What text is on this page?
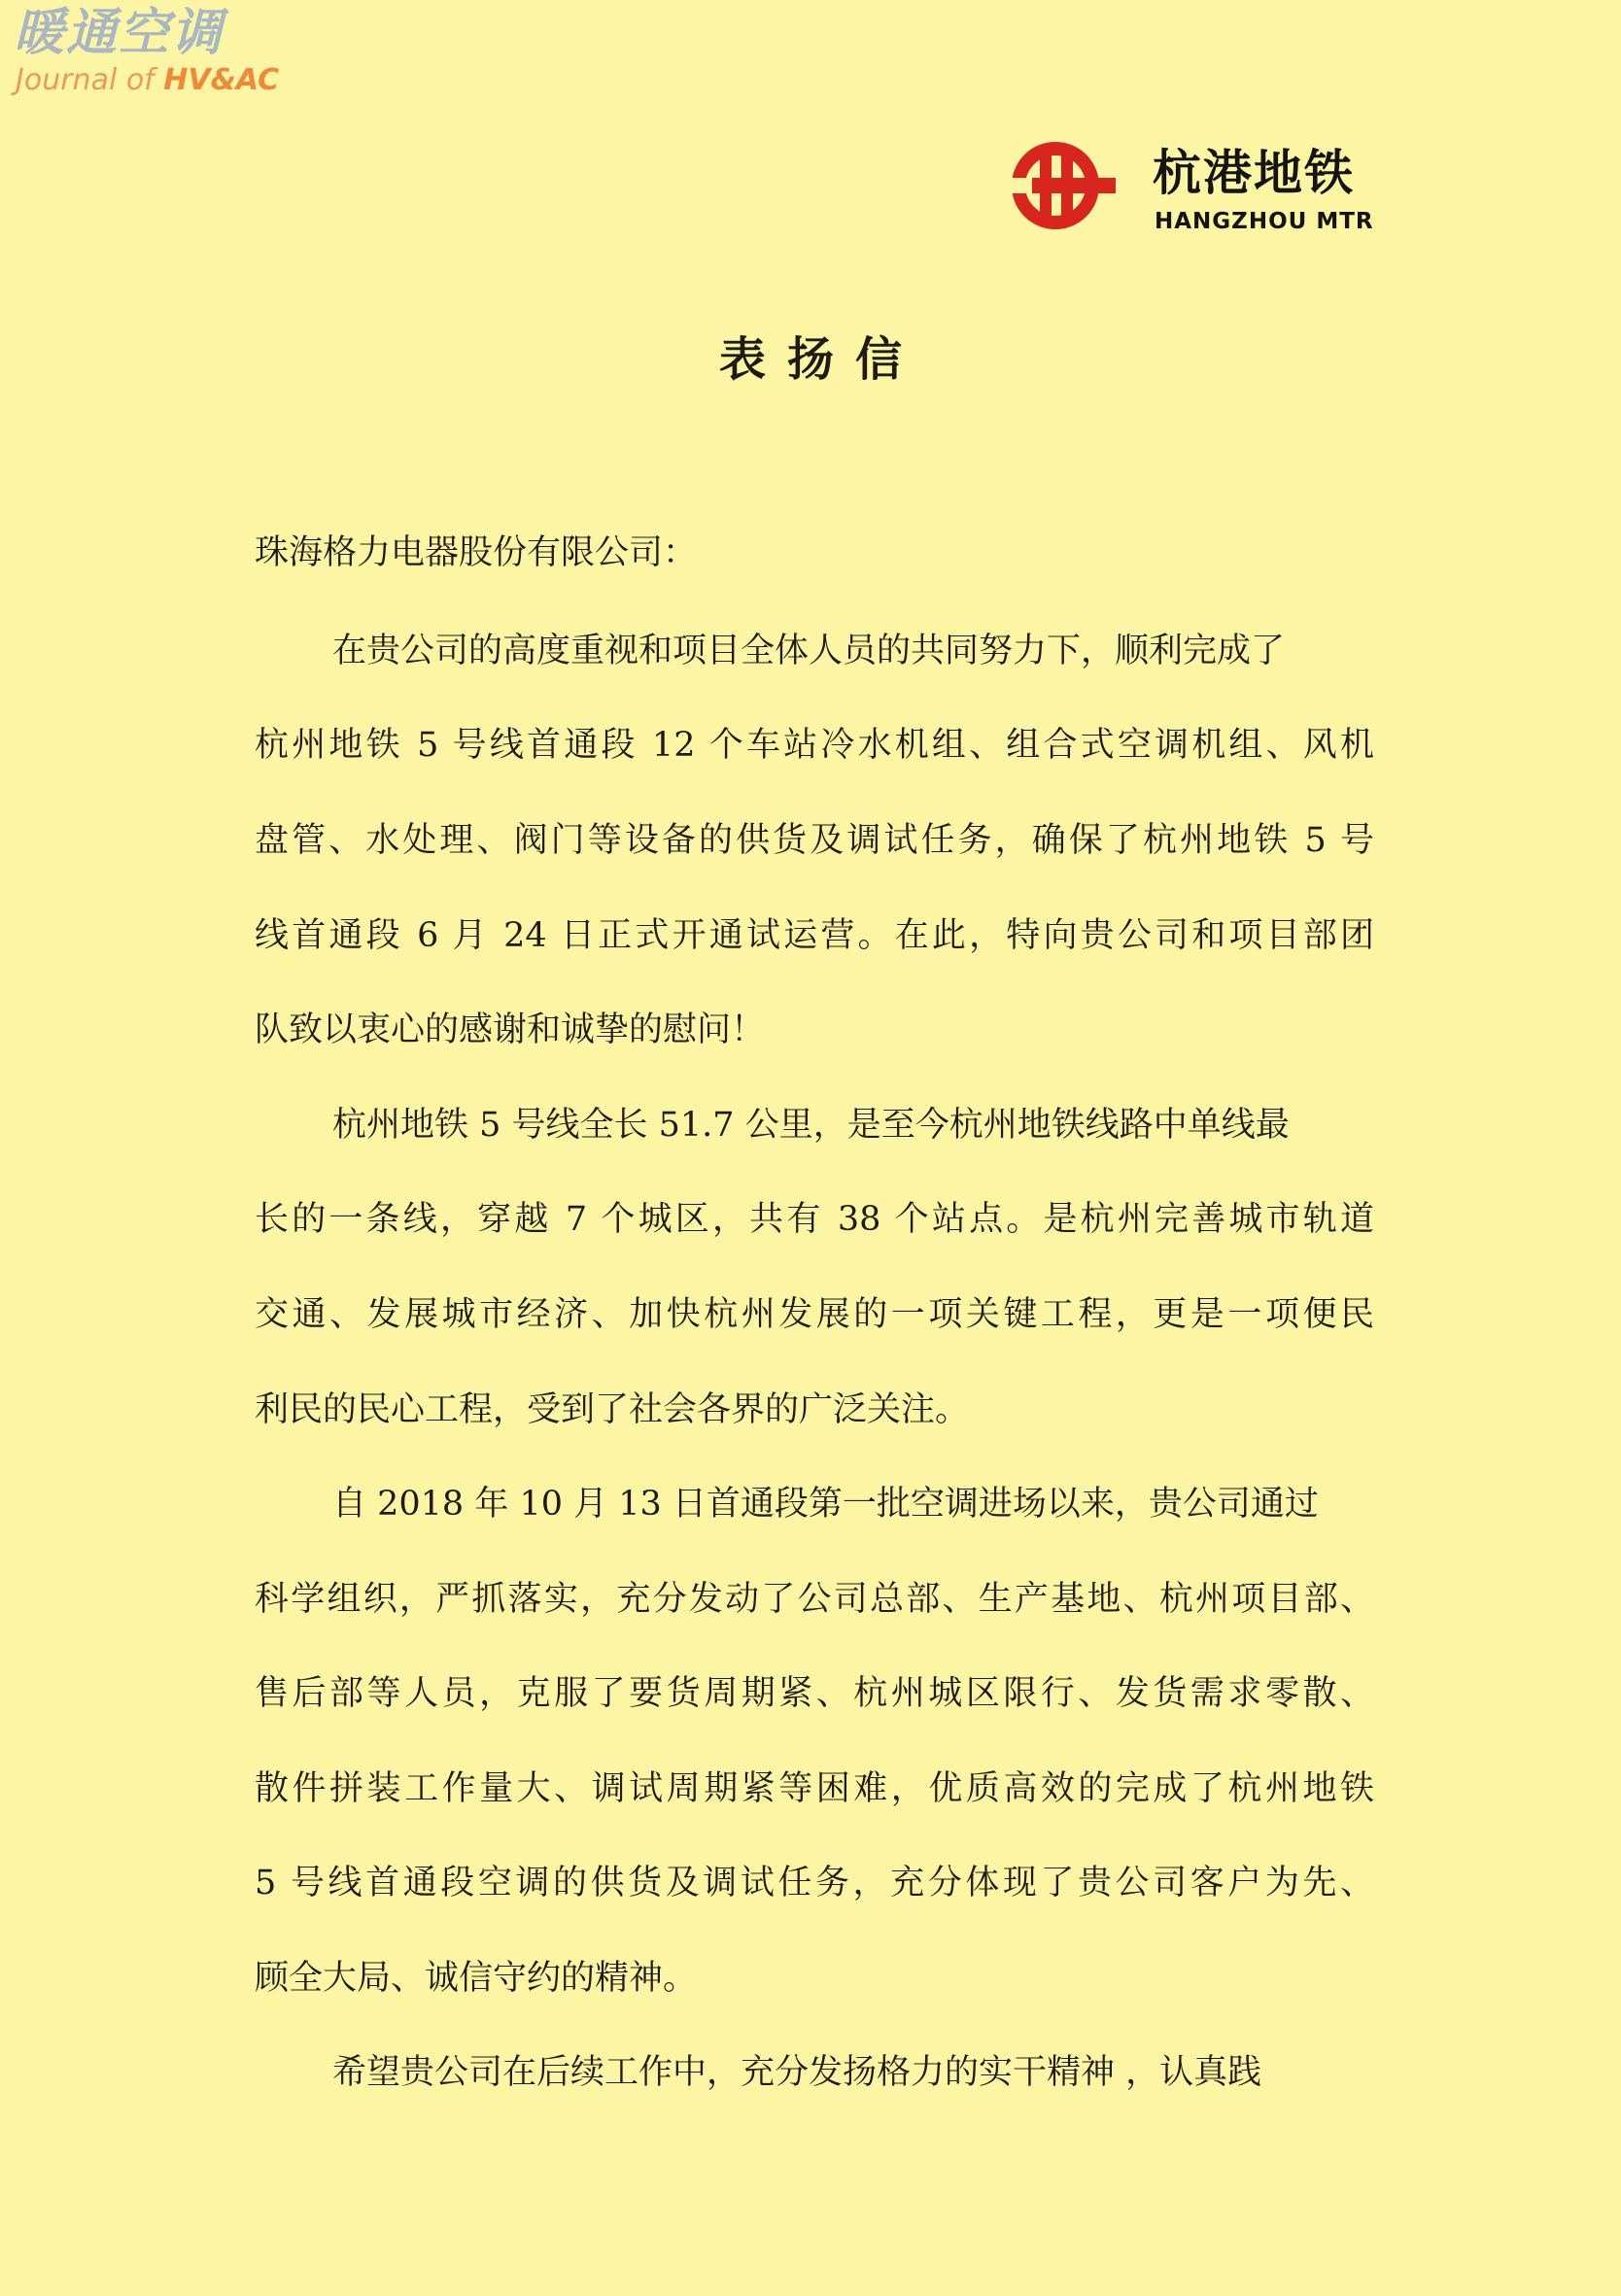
暖通空调
Journal of HV&AC
杭港地铁
HANGZHOU MTR
表扬信
珠海格力电器股份有限公司：
在贵公司的高度重视和项目全体人员的共同努力下，顺利完成了
杭州地铁 5 号线首通段 12 个车站冷水机组、组合式空调机组、风机
盘管、水处理、阀门等设备的供货及调试任务，确保了杭州地铁 5 号
线首通段 6 月 24 日正式开通试运营。在此，特向贵公司和项目部团
队致以衷心的感谢和诚挚的慰问！
杭州地铁 5 号线全长 51.7 公里，是至今杭州地铁线路中单线最
长的一条线，穿越 7 个城区，共有 38 个站点。是杭州完善城市轨道
交通、发展城市经济、加快杭州发展的一项关键工程，更是一项便民
利民的民心工程，受到了社会各界的广泛关注。
自 2018 年 10 月 13 日首通段第一批空调进场以来，贵公司通过
科学组织，严抓落实，充分发动了公司总部、生产基地、杭州项目部、
售后部等人员，克服了要货周期紧、杭州城区限行、发货需求零散、
散件拼装工作量大、调试周期紧等困难，优质高效的完成了杭州地铁
5 号线首通段空调的供货及调试任务，充分体现了贵公司客户为先、
顾全大局、诚信守约的精神。
希望贵公司在后续工作中，充分发扬格力的实干精神 ，认真践
